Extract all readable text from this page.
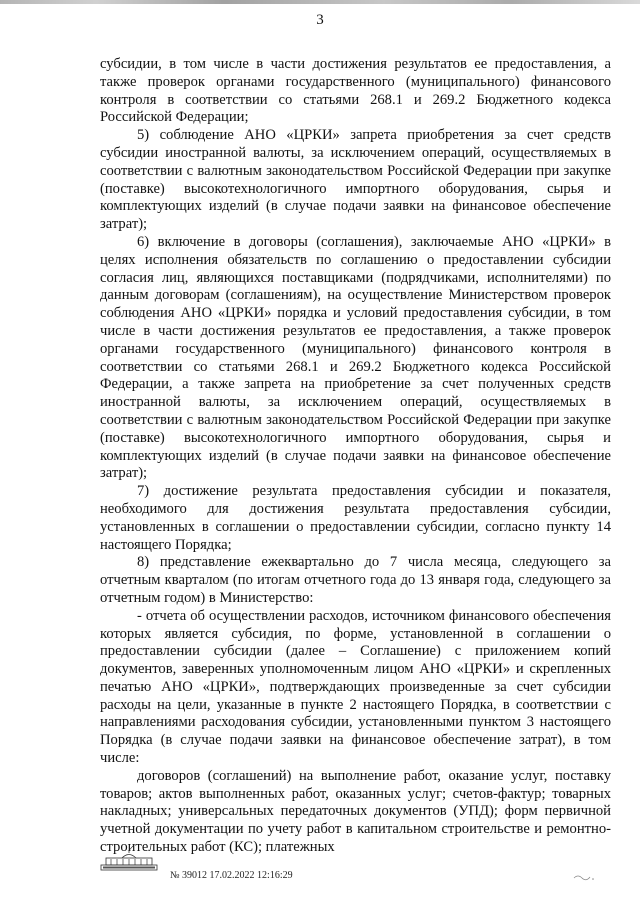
3

субсидии, в том числе в части достижения результатов ее предоставления, а также проверок органами государственного (муниципального) финансового контроля в соответствии со статьями 268.1 и 269.2 Бюджетного кодекса Российской Федерации;

5) соблюдение АНО «ЦРКИ» запрета приобретения за счет средств субсидии иностранной валюты, за исключением операций, осуществляемых в соответствии с валютным законодательством Российской Федерации при закупке (поставке) высокотехнологичного импортного оборудования, сырья и комплектующих изделий (в случае подачи заявки на финансовое обеспечение затрат);

6) включение в договоры (соглашения), заключаемые АНО «ЦРКИ» в целях исполнения обязательств по соглашению о предоставлении субсидии согласия лиц, являющихся поставщиками (подрядчиками, исполнителями) по данным договорам (соглашениям), на осуществление Министерством проверок соблюдения АНО «ЦРКИ» порядка и условий предоставления субсидии, в том числе в части достижения результатов ее предоставления, а также проверок органами государственного (муниципального) финансового контроля в соответствии со статьями 268.1 и 269.2 Бюджетного кодекса Российской Федерации, а также запрета на приобретение за счет полученных средств иностранной валюты, за исключением операций, осуществляемых в соответствии с валютным законодательством Российской Федерации при закупке (поставке) высокотехнологичного импортного оборудования, сырья и комплектующих изделий (в случае подачи заявки на финансовое обеспечение затрат);

7) достижение результата предоставления субсидии и показателя, необходимого для достижения результата предоставления субсидии, установленных в соглашении о предоставлении субсидии, согласно пункту 14 настоящего Порядка;

8) представление ежеквартально до 7 числа месяца, следующего за отчетным кварталом (по итогам отчетного года до 13 января года, следующего за отчетным годом) в Министерство:

- отчета об осуществлении расходов, источником финансового обеспечения которых является субсидия, по форме, установленной в соглашении о предоставлении субсидии (далее – Соглашение) с приложением копий документов, заверенных уполномоченным лицом АНО «ЦРКИ» и скрепленных печатью АНО «ЦРКИ», подтверждающих произведенные за счет субсидии расходы на цели, указанные в пункте 2 настоящего Порядка, в соответствии с направлениями расходования субсидии, установленными пунктом 3 настоящего Порядка (в случае подачи заявки на финансовое обеспечение затрат), в том числе:

договоров (соглашений) на выполнение работ, оказание услуг, поставку товаров; актов выполненных работ, оказанных услуг; счетов-фактур; товарных накладных; универсальных передаточных документов (УПД); форм первичной учетной документации по учету работ в капитальном строительстве и ремонтно-строительных работ (КС); платежных

№ 39012 17.02.2022 12:16:29
